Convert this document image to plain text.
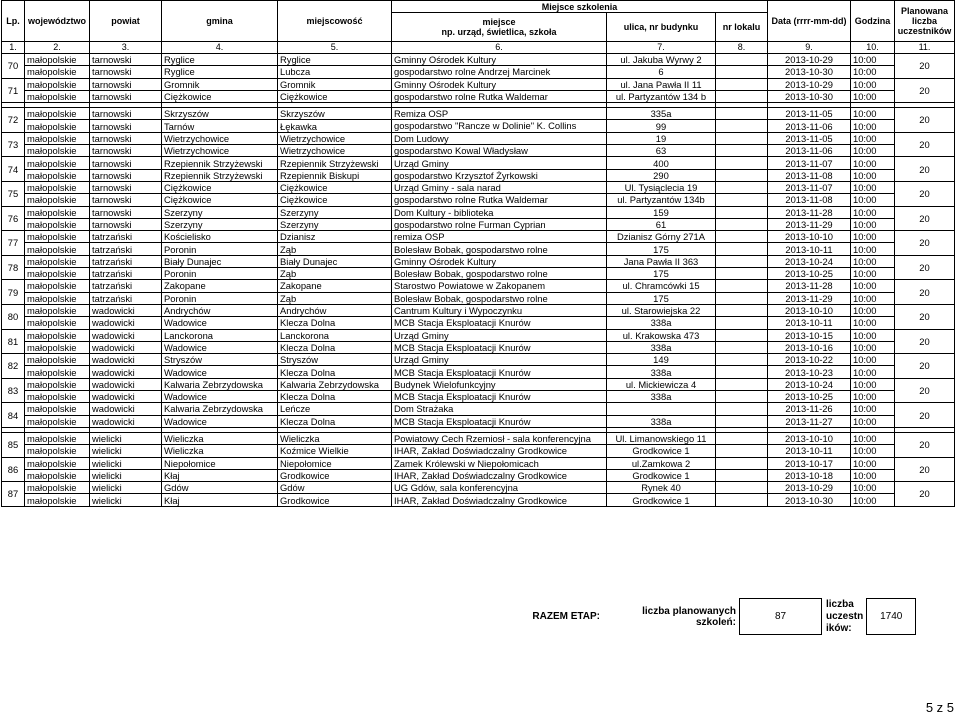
Lp.	województwo	powiat	gmina	miejscowość	Miejsce szkolenia			Data (rrrr-mm-dd)	Godzina	Planowana
liczba
uczestników
					miejsce
np. urząd, świetlica, szkoła	ulica, nr budynku	nr lokalu			
1.	2.	3.	4.	5.	6.	7.	8.	9.	10.	11.
70	małopolskie	tarnowski	Ryglice	Ryglice	Gminny Ośrodek Kultury	ul. Jakuba Wyrwy 2		2013-10-29	10:00	20
	małopolskie	tarnowski	Ryglice	Lubcza	gospodarstwo rolne Andrzej Marcinek	6		2013-10-30	10:00	
71	małopolskie	tarnowski	Gromnik	Gromnik	Gminny Ośrodek Kultury	ul. Jana Pawła II 11		2013-10-29	10:00	20
	małopolskie	tarnowski	Ciężkowice	Ciężkowice	gospodarstwo rolne Rutka Waldemar	ul. Partyzantów 134 b		2013-10-30	10:00	

72	małopolskie	tarnowski	Skrzyszów	Skrzyszów	Remiza OSP	335a		2013-11-05	10:00	20
	małopolskie	tarnowski	Tarnów	Łękawka	gospodarstwo "Rancze w Dolinie" K. Collins	99		2013-11-06	10:00	
73	małopolskie	tarnowski	Wietrzychowice	Wietrzychowice	Dom Ludowy	19		2013-11-05	10:00	20
	małopolskie	tarnowski	Wietrzychowice	Wietrzychowice	gospodarstwo Kowal Władysław	63		2013-11-06	10:00	
74	małopolskie	tarnowski	Rzepiennik Strzyżewski	Rzepiennik Strzyżewski	Urząd Gminy	400		2013-11-07	10:00	20
	małopolskie	tarnowski	Rzepiennik Strzyżewski	Rzepiennik Biskupi	gospodarstwo Krzysztof Żyrkowski	290		2013-11-08	10:00	
75	małopolskie	tarnowski	Ciężkowice	Ciężkowice	Urząd Gminy - sala narad	Ul. Tysiąclecia 19		2013-11-07	10:00	20
	małopolskie	tarnowski	Ciężkowice	Ciężkowice	gospodarstwo rolne Rutka Waldemar	ul. Partyzantów 134b		2013-11-08	10:00	
76	małopolskie	tarnowski	Szerzyny	Szerzyny	Dom Kultury - biblioteka	159		2013-11-28	10:00	20
	małopolskie	tarnowski	Szerzyny	Szerzyny	gospodarstwo rolne Furman Cyprian	61		2013-11-29	10:00	
77	małopolskie	tatrzański	Kościelisko	Dzianisz	remiza OSP	Dzianisz Górny 271A		2013-10-10	10:00	20
	małopolskie	tatrzański	Poronin	Ząb	Bolesław Bobak, gospodarstwo rolne	175		2013-10-11	10:00	
78	małopolskie	tatrzański	Biały Dunajec	Biały Dunajec	Gminny Ośrodek Kultury	Jana Pawła II 363		2013-10-24	10:00	20
	małopolskie	tatrzański	Poronin	Ząb	Bolesław Bobak, gospodarstwo rolne	175		2013-10-25	10:00	
79	małopolskie	tatrzański	Zakopane	Zakopane	Starostwo Powiatowe w Zakopanem	ul. Chramcówki 15		2013-11-28	10:00	20
	małopolskie	tatrzański	Poronin	Ząb	Bolesław Bobak, gospodarstwo rolne	175		2013-11-29	10:00	
80	małopolskie	wadowicki	Andrychów	Andrychów	Cantrum Kultury i Wypoczynku	ul. Starowiejska 22		2013-10-10	10:00	20
	małopolskie	wadowicki	Wadowice	Klecza Dolna	MCB Stacja Eksploatacji Knurów	338a		2013-10-11	10:00	
81	małopolskie	wadowicki	Lanckorona	Lanckorona	Urząd Gminy	ul. Krakowska 473		2013-10-15	10:00	20
	małopolskie	wadowicki	Wadowice	Klecza Dolna	MCB Stacja Eksploatacji Knurów	338a		2013-10-16	10:00	
82	małopolskie	wadowicki	Stryszów	Stryszów	Urząd Gminy	149		2013-10-22	10:00	20
	małopolskie	wadowicki	Wadowice	Klecza Dolna	MCB Stacja Eksploatacji Knurów	338a		2013-10-23	10:00	
83	małopolskie	wadowicki	Kalwaria Zebrzydowska	Kalwaria Zebrzydowska	Budynek Wielofunkcyjny	ul. Mickiewicza 4		2013-10-24	10:00	20
	małopolskie	wadowicki	Wadowice	Klecza Dolna	MCB Stacja Eksploatacji Knurów	338a		2013-10-25	10:00	
84	małopolskie	wadowicki	Kalwaria Zebrzydowska	Leńcze	Dom Strażaka			2013-11-26	10:00	20
	małopolskie	wadowicki	Wadowice	Klecza Dolna	MCB Stacja Eksploatacji Knurów	338a		2013-11-27	10:00	

85	małopolskie	wielicki	Wieliczka	Wieliczka	Powiatowy Cech Rzemiosł - sala konferencyjna	Ul. Limanowskiego 11		2013-10-10	10:00	20
	małopolskie	wielicki	Wieliczka	Koźmice Wielkie	IHAR, Zakład Doświadczalny Grodkowice	Grodkowice 1		2013-10-11	10:00	
86	małopolskie	wielicki	Niepołomice	Niepołomice	Zamek Królewski w Niepołomicach	ul.Zamkowa 2		2013-10-17	10:00	20
	małopolskie	wielicki	Kłaj	Grodkowice	IHAR, Zakład Doświadczalny Grodkowice	Grodkowice 1		2013-10-18	10:00	
87	małopolskie	wielicki	Gdów	Gdów	UG Gdów, sala konferencyjna	Rynek 40		2013-10-29	10:00	20
	małopolskie	wielicki	Kłaj	Grodkowice	IHAR, Zakład Doświadczalny Grodkowice	Grodkowice 1		2013-10-30	10:00	
RAZEM ETAP:	liczba planowanych szkoleń:	87	liczba
uczestn
ików:	1740
5 z 5
